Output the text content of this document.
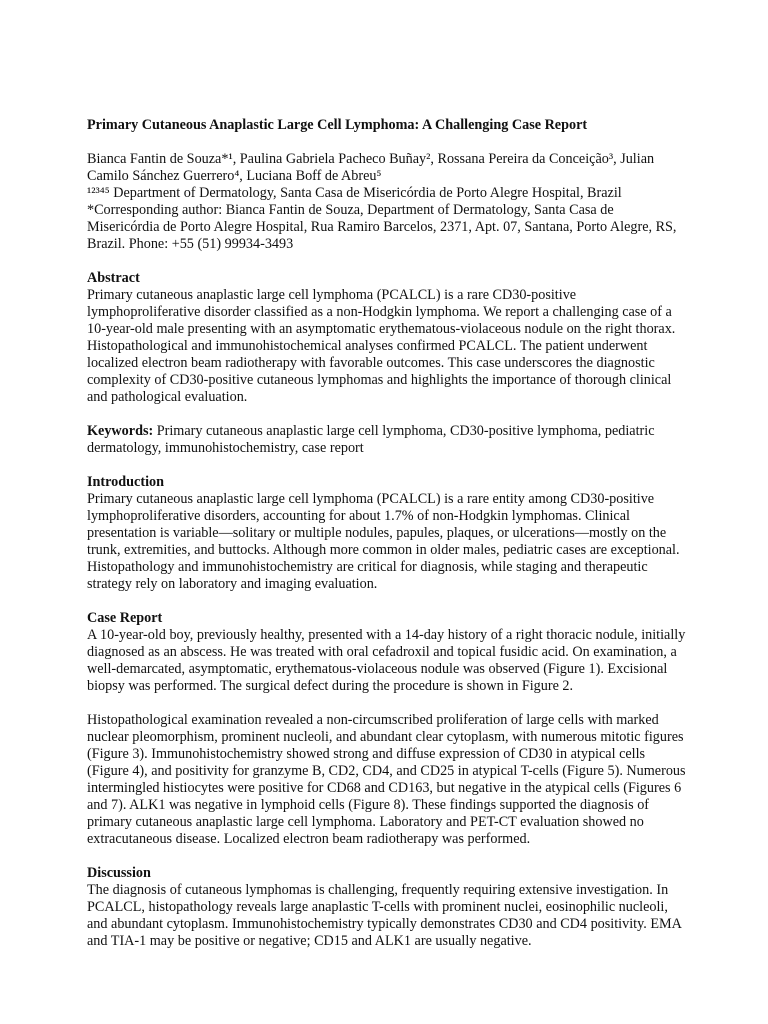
Primary Cutaneous Anaplastic Large Cell Lymphoma: A Challenging Case Report

Bianca Fantin de Souza*¹, Paulina Gabriela Pacheco Buñay², Rossana Pereira da Conceição³, Julian Camilo Sánchez Guerrero⁴, Luciana Boff de Abreu⁵

¹²³⁴⁵ Department of Dermatology, Santa Casa de Misericórdia de Porto Alegre Hospital, Brazil

*Corresponding author: Bianca Fantin de Souza, Department of Dermatology, Santa Casa de Misericórdia de Porto Alegre Hospital, Rua Ramiro Barcelos, 2371, Apt. 07, Santana, Porto Alegre, RS, Brazil. Phone: +55 (51) 99934-3493

Abstract

Primary cutaneous anaplastic large cell lymphoma (PCALCL) is a rare CD30-positive lymphoproliferative disorder classified as a non-Hodgkin lymphoma. We report a challenging case of a 10-year-old male presenting with an asymptomatic erythematous-violaceous nodule on the right thorax. Histopathological and immunohistochemical analyses confirmed PCALCL. The patient underwent localized electron beam radiotherapy with favorable outcomes. This case underscores the diagnostic complexity of CD30-positive cutaneous lymphomas and highlights the importance of thorough clinical and pathological evaluation.

Keywords: Primary cutaneous anaplastic large cell lymphoma, CD30-positive lymphoma, pediatric dermatology, immunohistochemistry, case report

Introduction

Primary cutaneous anaplastic large cell lymphoma (PCALCL) is a rare entity among CD30-positive lymphoproliferative disorders, accounting for about 1.7% of non-Hodgkin lymphomas. Clinical presentation is variable—solitary or multiple nodules, papules, plaques, or ulcerations—mostly on the trunk, extremities, and buttocks. Although more common in older males, pediatric cases are exceptional. Histopathology and immunohistochemistry are critical for diagnosis, while staging and therapeutic strategy rely on laboratory and imaging evaluation.

Case Report

A 10-year-old boy, previously healthy, presented with a 14-day history of a right thoracic nodule, initially diagnosed as an abscess. He was treated with oral cefadroxil and topical fusidic acid. On examination, a well-demarcated, asymptomatic, erythematous-violaceous nodule was observed (Figure 1). Excisional biopsy was performed. The surgical defect during the procedure is shown in Figure 2.

Histopathological examination revealed a non-circumscribed proliferation of large cells with marked nuclear pleomorphism, prominent nucleoli, and abundant clear cytoplasm, with numerous mitotic figures (Figure 3). Immunohistochemistry showed strong and diffuse expression of CD30 in atypical cells (Figure 4), and positivity for granzyme B, CD2, CD4, and CD25 in atypical T-cells (Figure 5). Numerous intermingled histiocytes were positive for CD68 and CD163, but negative in the atypical cells (Figures 6 and 7). ALK1 was negative in lymphoid cells (Figure 8). These findings supported the diagnosis of primary cutaneous anaplastic large cell lymphoma. Laboratory and PET-CT evaluation showed no extracutaneous disease. Localized electron beam radiotherapy was performed.

Discussion

The diagnosis of cutaneous lymphomas is challenging, frequently requiring extensive investigation. In PCALCL, histopathology reveals large anaplastic T-cells with prominent nuclei, eosinophilic nucleoli, and abundant cytoplasm. Immunohistochemistry typically demonstrates CD30 and CD4 positivity. EMA and TIA-1 may be positive or negative; CD15 and ALK1 are usually negative.
